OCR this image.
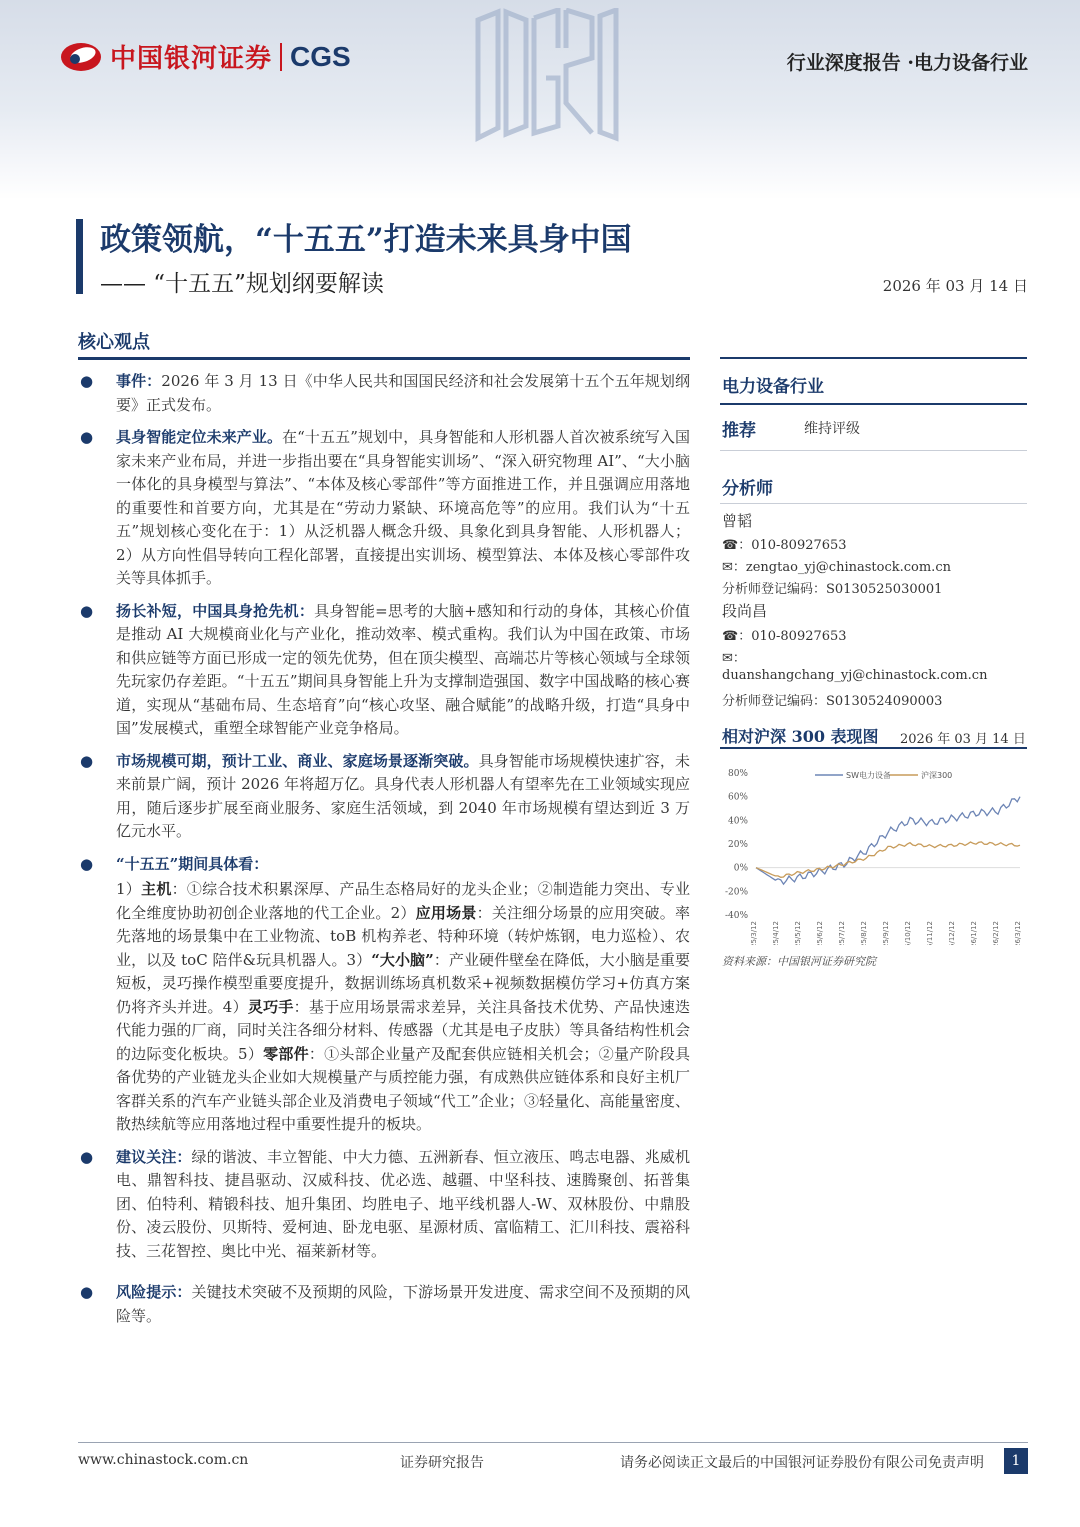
中国银河证券 CGS	行业深度报告 ·电力设备行业
政策领航，“十五五”打造未来具身中国
—— “十五五”规划纲要解读	2026 年 03 月 14 日
核心观点
● 事件：2026 年 3 月 13 日《中华人民共和国国民经济和社会发展第十五个五年规划纲要》正式发布。
● 具身智能定位未来产业。在“十五五”规划中，具身智能和人形机器人首次被系统写入国家未来产业布局，并进一步指出要在“具身智能实训场”、“深入研究物理 AI”、“大小脑一体化的具身模型与算法”、“本体及核心零部件”等方面推进工作，并且强调应用落地的重要性和首要方向，尤其是在“劳动力紧缺、环境高危等”的应用。我们认为“十五五”规划核心变化在于：1）从泛机器人概念升级、具象化到具身智能、人形机器人；2）从方向性倡导转向工程化部署，直接提出实训场、模型算法、本体及核心零部件攻关等具体抓手。
● 扬长补短，中国具身抢先机：具身智能=思考的大脑+感知和行动的身体，其核心价值是推动 AI 大规模商业化与产业化，推动效率、模式重构。我们认为中国在政策、市场和供应链等方面已形成一定的领先优势，但在顶尖模型、高端芯片等核心领域与全球领先玩家仍存差距。“十五五”期间具身智能上升为支撑制造强国、数字中国战略的核心赛道，实现从“基础布局、生态培育”向“核心攻坚、融合赋能”的战略升级，打造“具身中国”发展模式，重塑全球智能产业竞争格局。
● 市场规模可期，预计工业、商业、家庭场景逐渐突破。具身智能市场规模快速扩容，未来前景广阔，预计 2026 年将超万亿。具身代表人形机器人有望率先在工业领域实现应用，随后逐步扩展至商业服务、家庭生活领域，到 2040 年市场规模有望达到近 3 万亿元水平。
● “十五五”期间具体看：
1）主机：①综合技术积累深厚、产品生态格局好的龙头企业；②制造能力突出、专业化全维度协助初创企业落地的代工企业。2）应用场景：关注细分场景的应用突破。率先落地的场景集中在工业物流、toB 机构养老、特种环境（转炉炼钢，电力巡检）、农业，以及 toC 陪伴&玩具机器人。3）“大小脑”：产业硬件壁垒在降低，大小脑是重要短板，灵巧操作模型重要度提升，数据训练场真机数采+视频数据模仿学习+仿真方案仍将齐头并进。4）灵巧手：基于应用场景需求差异，关注具备技术优势、产品快速迭代能力强的厂商，同时关注各细分材料、传感器（尤其是电子皮肤）等具备结构性机会的边际变化板块。5）零部件：①头部企业量产及配套供应链相关机会；②量产阶段具备优势的产业链龙头企业如大规模量产与质控能力强，有成熟供应链体系和良好主机厂客群关系的汽车产业链头部企业及消费电子领域“代工”企业；③轻量化、高能量密度、散热续航等应用落地过程中重要性提升的板块。
● 建议关注：绿的谐波、丰立智能、中大力德、五洲新春、恒立液压、鸣志电器、兆威机电、鼎智科技、捷昌驱动、汉威科技、优必选、越疆、中坚科技、速腾聚创、拓普集团、伯特利、精锻科技、旭升集团、均胜电子、地平线机器人-W、双林股份、中鼎股份、凌云股份、贝斯特、爱柯迪、卧龙电驱、星源材质、富临精工、汇川科技、震裕科技、三花智控、奥比中光、福莱新材等。
● 风险提示：关键技术突破不及预期的风险，下游场景开发进度、需求空间不及预期的风险等。
电力设备行业
推荐	维持评级
分析师
曾韬
☎：010-80927653
✉：zengtao_yj@chinastock.com.cn
分析师登记编码：S0130525030001
段尚昌
☎：010-80927653
✉：
duanshangchang_yj@chinastock.com.cn
分析师登记编码：S0130524090003
相对沪深 300 表现图 2026 年 03 月 14 日
80%
60%
40%
20%
0%
-20%
-40%
2025/3/12 2025/4/12 2025/5/12 2025/6/12 2025/7/12 2025/8/12 2025/9/12 2025/10/12 2025/11/12 2025/12/12 2026/1/12 2026/2/12 2026/3/12
SW电力设备	沪深300
资料来源：中国银河证券研究院
www.chinastock.com.cn	证券研究报告	请务必阅读正文最后的中国银河证券股份有限公司免责声明	1
